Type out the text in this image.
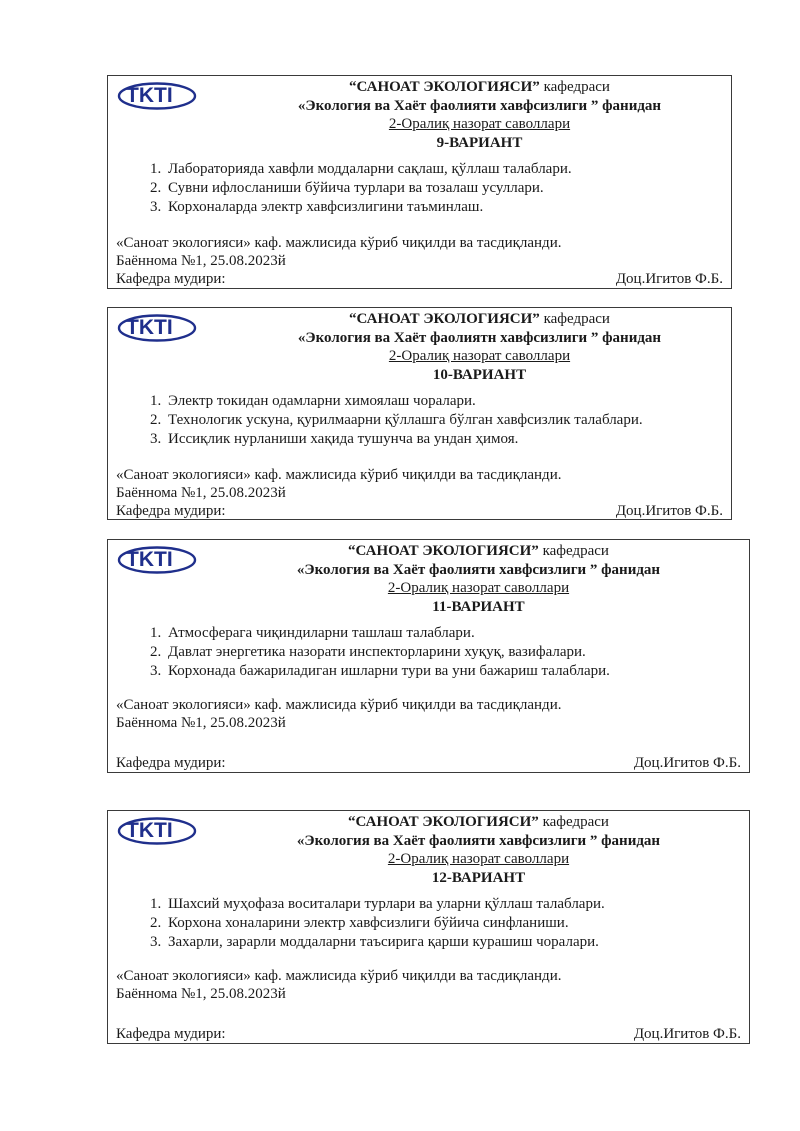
TKTI	“САНОАТ ЭКОЛОГИЯСИ” кафедраси
«Экология ва Хаёт фаолияти хавфсизлиги ” фанидан
2-Оралиқ назорат саволлари
9-ВАРИАНТ
1. Лабораторияда хавфли моддаларни сақлаш, қўллаш талаблари.
2. Сувни ифлосланиши бўйича турлари ва тозалаш усуллари.
3. Корхоналарда электр хавфсизлигини таъминлаш.
«Саноат экологияси» каф. мажлисида кўриб чиқилди ва тасдиқланди.
Баённома №1, 25.08.2023й
Кафедра мудири:	Доц.Игитов Ф.Б.
TKTI	“САНОАТ ЭКОЛОГИЯСИ” кафедраси
«Экология ва Хаёт фаолиятн хавфсизлиги ” фанидан
2-Оралиқ назорат саволлари
10-ВАРИАНТ
1. Электр токидан одамларни химоялаш чоралари.
2. Технологик ускуна, қурилмаарни қўллашга бўлган хавфсизлик талаблари.
3. Иссиқлик нурланиши хақида тушунча ва ундан ҳимоя.
«Саноат экологияси» каф. мажлисида кўриб чиқилди ва тасдиқланди.
Баённома №1, 25.08.2023й
Кафедра мудири:	Доц.Игитов Ф.Б.
TKTI	“САНОАТ ЭКОЛОГИЯСИ” кафедраси
«Экология ва Хаёт фаолияти хавфсизлиги ” фанидан
2-Оралиқ назорат саволлари
11-ВАРИАНТ
1. Атмосферага чиқиндиларни ташлаш талаблари.
2. Давлат энергетика назорати инспекторларини хуқуқ, вазифалари.
3. Корхонада бажариладиган ишларни тури ва уни бажариш талаблари.
«Саноат экологияси» каф. мажлисида кўриб чиқилди ва тасдиқланди.
Баённома №1, 25.08.2023й
Кафедра мудири:	Доц.Игитов Ф.Б.
TKTI	“САНОАТ ЭКОЛОГИЯСИ” кафедраси
«Экология ва Хаёт фаолияти хавфсизлиги ” фанидан
2-Оралиқ назорат саволлари
12-ВАРИАНТ
1. Шахсий муҳофаза воситалари турлари ва уларни қўллаш талаблари.
2. Корхона хоналарини электр хавфсизлиги бўйича синфланиши.
3. Захарли, зарарли моддаларни таъсирига қарши курашиш чоралари.
«Саноат экологияси» каф. мажлисида кўриб чиқилди ва тасдиқланди.
Баённома №1, 25.08.2023й
Кафедра мудири:	Доц.Игитов Ф.Б.
